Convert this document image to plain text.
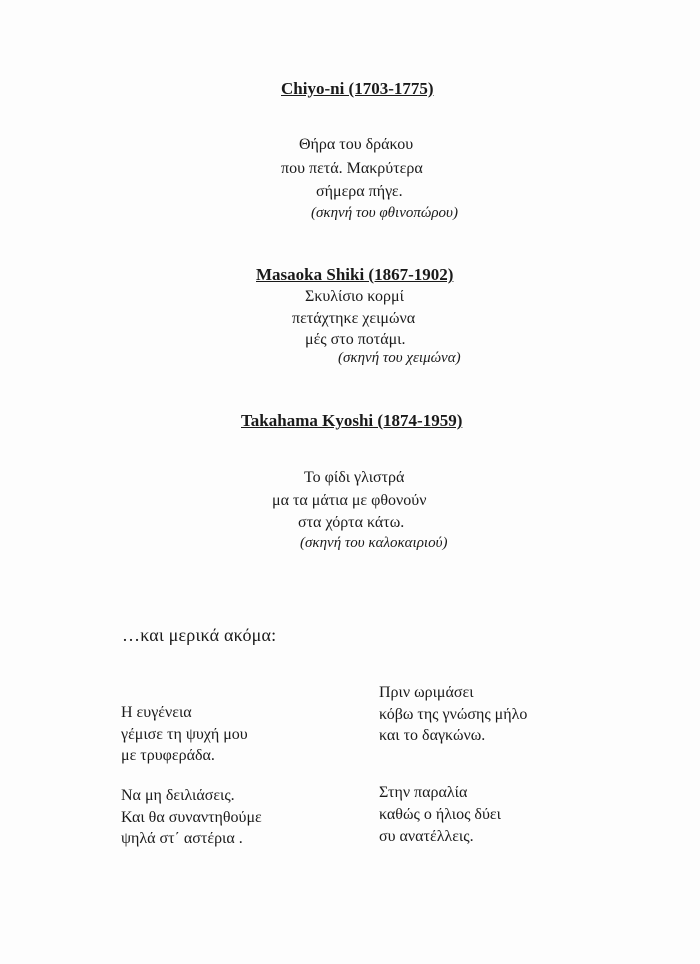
Chiyo-ni (1703-1775)
Θήρα του δράκου
που πετά. Μακρύτερα
σήμερα πήγε.
(σκηνή του φθινοπώρου)
Masaoka Shiki (1867-1902)
Σκυλίσιο κορμί
πετάχτηκε χειμώνα
μές στο ποτάμι.
(σκηνή του χειμώνα)
Takahama Kyoshi (1874-1959)
Το φίδι γλιστρά
μα τα μάτια με φθονούν
στα χόρτα κάτω.
(σκηνή του καλοκαιριού)
…και μερικά ακόμα:
Η ευγένεια
γέμισε τη ψυχή μου
με τρυφεράδα.
Να μη δειλιάσεις.
Και θα συναντηθούμε
ψηλά στ΄ αστέρια .
Πριν ωριμάσει
κόβω της γνώσης μήλο
και το δαγκώνω.
Στην παραλία
καθώς ο ήλιος δύει
συ ανατέλλεις.
